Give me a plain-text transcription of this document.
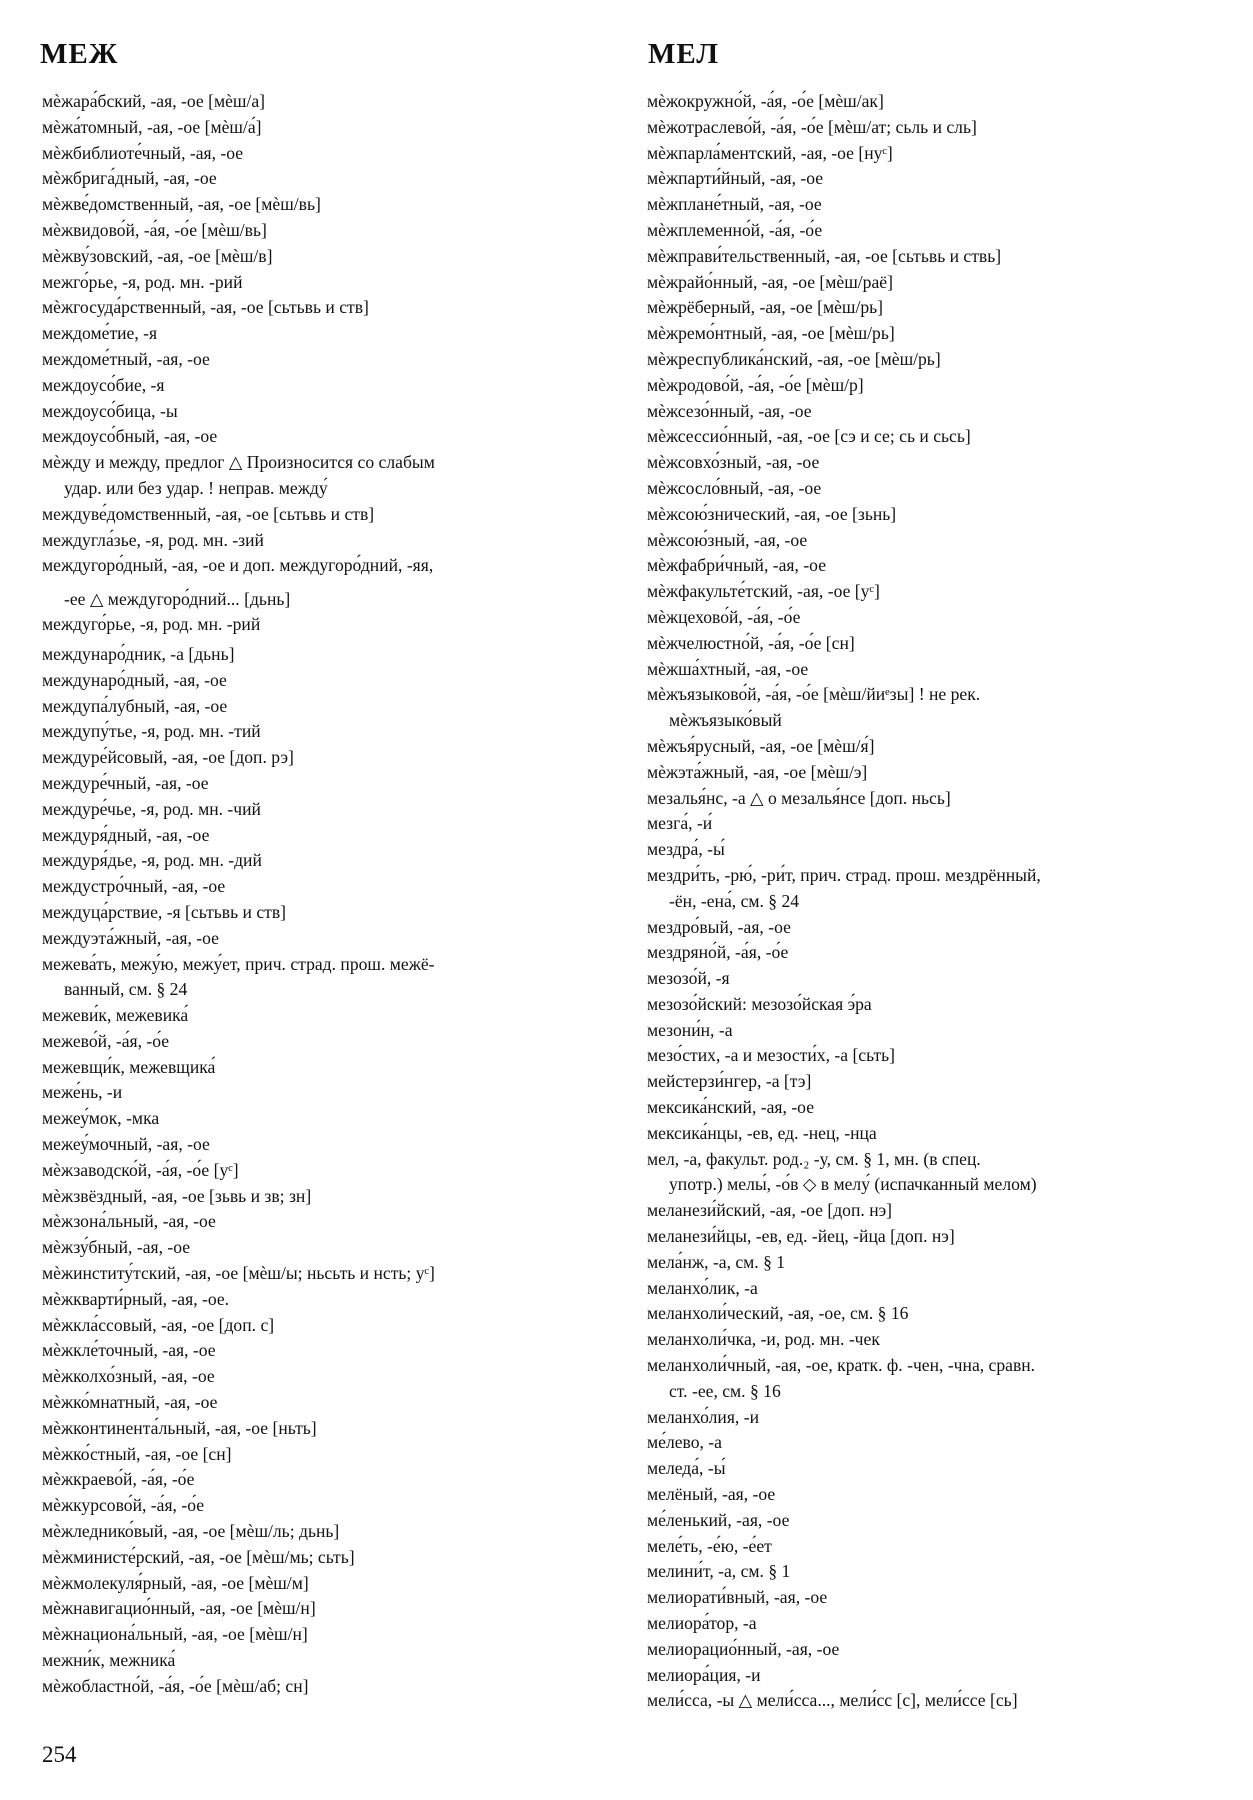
МЕЖ	МЕЛ
мѐжара́бский, -ая, -ое [мѐш/а]
мѐжа́томный, -ая, -ое [мѐш/а́]
мѐжбиблиоте́чный, -ая, -ое
мѐжбрига́дный, -ая, -ое
мѐжве́домственный, -ая, -ое [мѐш/вь]
мѐжвидово́й, -а́я, -о́е [мѐш/вь]
мѐжву́зовский, -ая, -ое [мѐш/в]
межго́рье, -я, род. мн. -рий
мѐжгосуда́рственный, -ая, -ое [сьтьвь и ств]
междоме́тие, -я
междоме́тный, -ая, -ое
междоусо́бие, -я
междоусо́бица, -ы
междоусо́бный, -ая, -ое
мѐжду и между, предлог △ Произносится со слабым
удар. или без удар. ! неправ. между́
междуве́домственный, -ая, -ое [сьтьвь и ств]
междугла́зье, -я, род. мн. -зий
междугоро́дный, -ая, -ое и доп. междугоро́дний, -яя,
-ее △ междугоро́дний... [дьнь]
междуго́рье, -я, род. мн. -рий
междунаро́дник, -а [дьнь]
междунаро́дный, -ая, -ое
междупа́лубный, -ая, -ое
междупу́тье, -я, род. мн. -тий
междуре́йсовый, -ая, -ое [доп. рэ]
междуре́чный, -ая, -ое
междуре́чье, -я, род. мн. -чий
междуря́дный, -ая, -ое
междуря́дье, -я, род. мн. -дий
междустро́чный, -ая, -ое
междуца́рствие, -я [сьтьвь и ств]
междуэта́жный, -ая, -ое
межева́ть, межу́ю, межу́ет, прич. страд. прош. межё-
ванный, см. § 24
межеви́к, межевика́
межево́й, -а́я, -о́е
межевщи́к, межевщика́
меже́нь, -и
межеу́мок, -мка
межеу́мочный, -ая, -ое
мѐжзаводско́й, -а́я, -о́е [уᶜ]
мѐжзвёздный, -ая, -ое [зьвь и зв; зн]
мѐжзона́льный, -ая, -ое
мѐжзу́бный, -ая, -ое
мѐжинститу́тский, -ая, -ое [мѐш/ы; ньсьть и нсть; уᶜ]
мѐжкварти́рный, -ая, -ое.
мѐжкла́ссовый, -ая, -ое [доп. с]
мѐжкле́точный, -ая, -ое
мѐжколхо́зный, -ая, -ое
мѐжко́мнатный, -ая, -ое
мѐжконтинента́льный, -ая, -ое [ньть]
мѐжко́стный, -ая, -ое [сн]
мѐжкраево́й, -а́я, -о́е
мѐжкурсово́й, -а́я, -о́е
мѐжледнико́вый, -ая, -ое [мѐш/ль; дьнь]
мѐжминисте́рский, -ая, -ое [мѐш/мь; сьть]
мѐжмолекуля́рный, -ая, -ое [мѐш/м]
мѐжнавигацио́нный, -ая, -ое [мѐш/н]
мѐжнациона́льный, -ая, -ое [мѐш/н]
межни́к, межника́
мѐжобластно́й, -а́я, -о́е [мѐш/аб; сн]
мѐжокружно́й, -а́я, -о́е [мѐш/ак]
мѐжотраслево́й, -а́я, -о́е [мѐш/ат; сьль и сль]
мѐжпарла́ментский, -ая, -ое [нуᶜ]
мѐжпарти́йный, -ая, -ое
мѐжплане́тный, -ая, -ое
мѐжплеменно́й, -а́я, -о́е
мѐжправи́тельственный, -ая, -ое [сьтьвь и ствь]
мѐжрайо́нный, -ая, -ое [мѐш/раё]
мѐжрёберный, -ая, -ое [мѐш/рь]
мѐжремо́нтный, -ая, -ое [мѐш/рь]
мѐжреспублика́нский, -ая, -ое [мѐш/рь]
мѐжродово́й, -а́я, -о́е [мѐш/р]
мѐжсезо́нный, -ая, -ое
мѐжсессио́нный, -ая, -ое [сэ и се; сь и сьсь]
мѐжсовхо́зный, -ая, -ое
мѐжсосло́вный, -ая, -ое
мѐжсою́знический, -ая, -ое [зьнь]
мѐжсою́зный, -ая, -ое
мѐжфабри́чный, -ая, -ое
мѐжфакульте́тский, -ая, -ое [уᶜ]
мѐжцехово́й, -а́я, -о́е
мѐжчелюстно́й, -а́я, -о́е [сн]
мѐжша́хтный, -ая, -ое
мѐжъязыково́й, -а́я, -о́е [мѐш/йиᵉзы] ! не рек.
мѐжъязыко́вый
мѐжъя́русный, -ая, -ое [мѐш/я́]
мѐжэта́жный, -ая, -ое [мѐш/э]
мезалья́нс, -а △ о мезалья́нсе [доп. ньсь]
мезга́, -и́
мездра́, -ы́
мездри́ть, -рю́, -ри́т, прич. страд. прош. мездрённый,
-ён, -ена́, см. § 24
мездро́вый, -ая, -ое
мездряно́й, -а́я, -о́е
мезозо́й, -я
мезозо́йский: мезозо́йская э́ра
мезони́н, -а
мезо́стих, -а и мезости́х, -а [сьть]
мейстерзи́нгер, -а [тэ]
мексика́нский, -ая, -ое
мексика́нцы, -ев, ед. -нец, -нца
мел, -а, факульт. род.₂ -у, см. § 1, мн. (в спец.
употр.) мелы́, -о́в ◇ в мелу́ (испачканный мелом)
меланези́йский, -ая, -ое [доп. нэ]
меланези́йцы, -ев, ед. -йец, -йца [доп. нэ]
мела́нж, -а, см. § 1
меланхо́лик, -а
меланхоли́ческий, -ая, -ое, см. § 16
меланхоли́чка, -и, род. мн. -чек
меланхоли́чный, -ая, -ое, кратк. ф. -чен, -чна, сравн.
ст. -ее, см. § 16
меланхо́лия, -и
ме́лево, -а
меледа́, -ы́
мелёный, -ая, -ое
ме́ленький, -ая, -ое
меле́ть, -е́ю, -е́ет
мелини́т, -а, см. § 1
мелиорати́вный, -ая, -ое
мелиора́тор, -а
мелиорацио́нный, -ая, -ое
мелиора́ция, -и
мели́сса, -ы △ мели́сса..., мели́сс [с], мели́ссе [сь]
254
